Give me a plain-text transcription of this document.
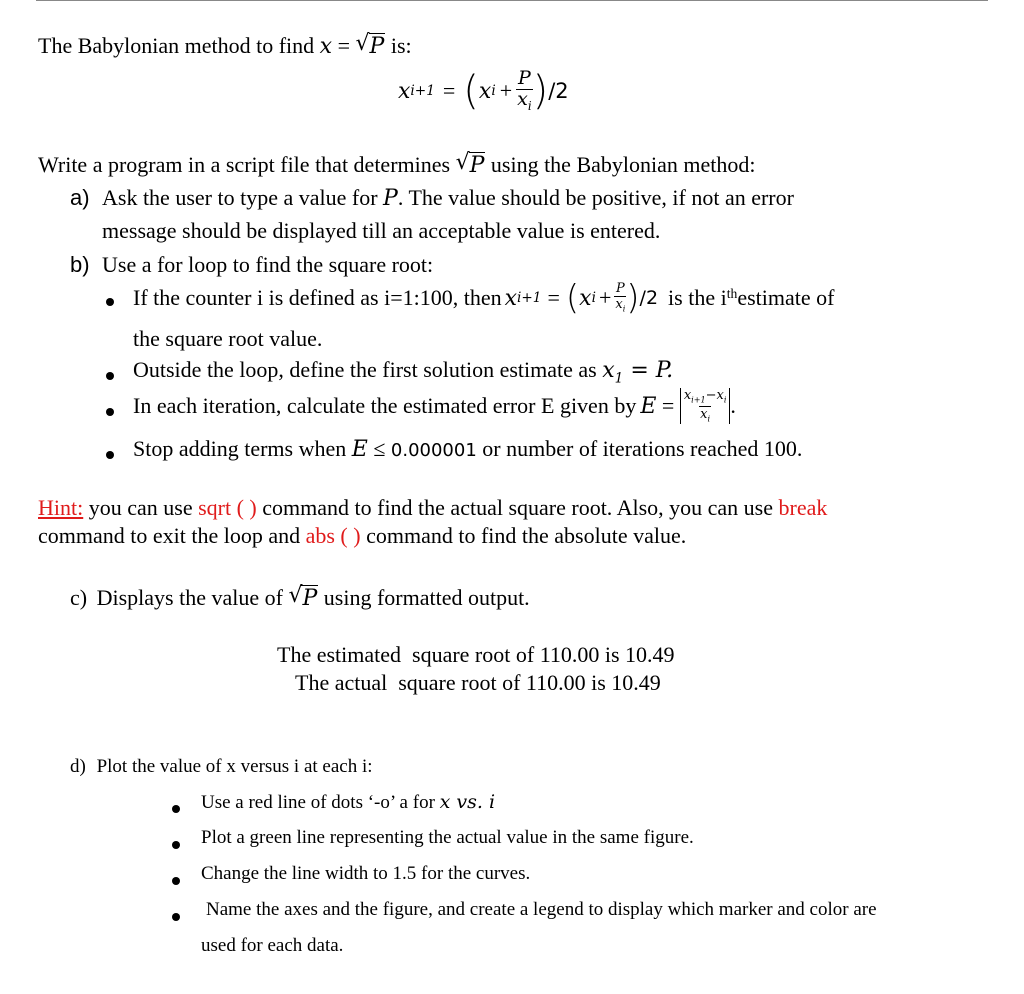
The Babylonian method to find x = √ P is:
x i+1 = ( x $i + \frac{P}{x_i}$ ) /2
Write a program in a script file that determines √ P using the Babylonian method:
a) Ask the user to type a value for P. The value should be positive, if not an error
message should be displayed till an acceptable value is entered.
b) Use a for loop to find the square root:
If the counter i is defined as i=1:100, then x i+1 = ( x $i + \frac{P}{x_i}$ ) /2 is the $i^{th}$ estimate of
the square root value.
Outside the loop, define the first solution estimate as $x_1 = P$.
In each iteration, calculate the estimated error E given by $E = \frac{x_{i+1}-x_i}{x_i}$ .
Stop adding terms when E ≤ 0.000001 or number of iterations reached 100.
Hint: you can use sqrt ( ) command to find the actual square root. Also, you can use break
command to exit the loop and abs ( ) command to find the absolute value.
c) Displays the value of √ P using formatted output.
The estimated  square root of 110.00 is 10.49
The actual  square root of 110.00 is 10.49
d) Plot the value of x versus i at each i:
Use a red line of dots ‘-o’ a for x vs. i
Plot a green line representing the actual value in the same figure.
Change the line width to 1.5 for the curves.
Name the axes and the figure, and create a legend to display which marker and color are
used for each data.
